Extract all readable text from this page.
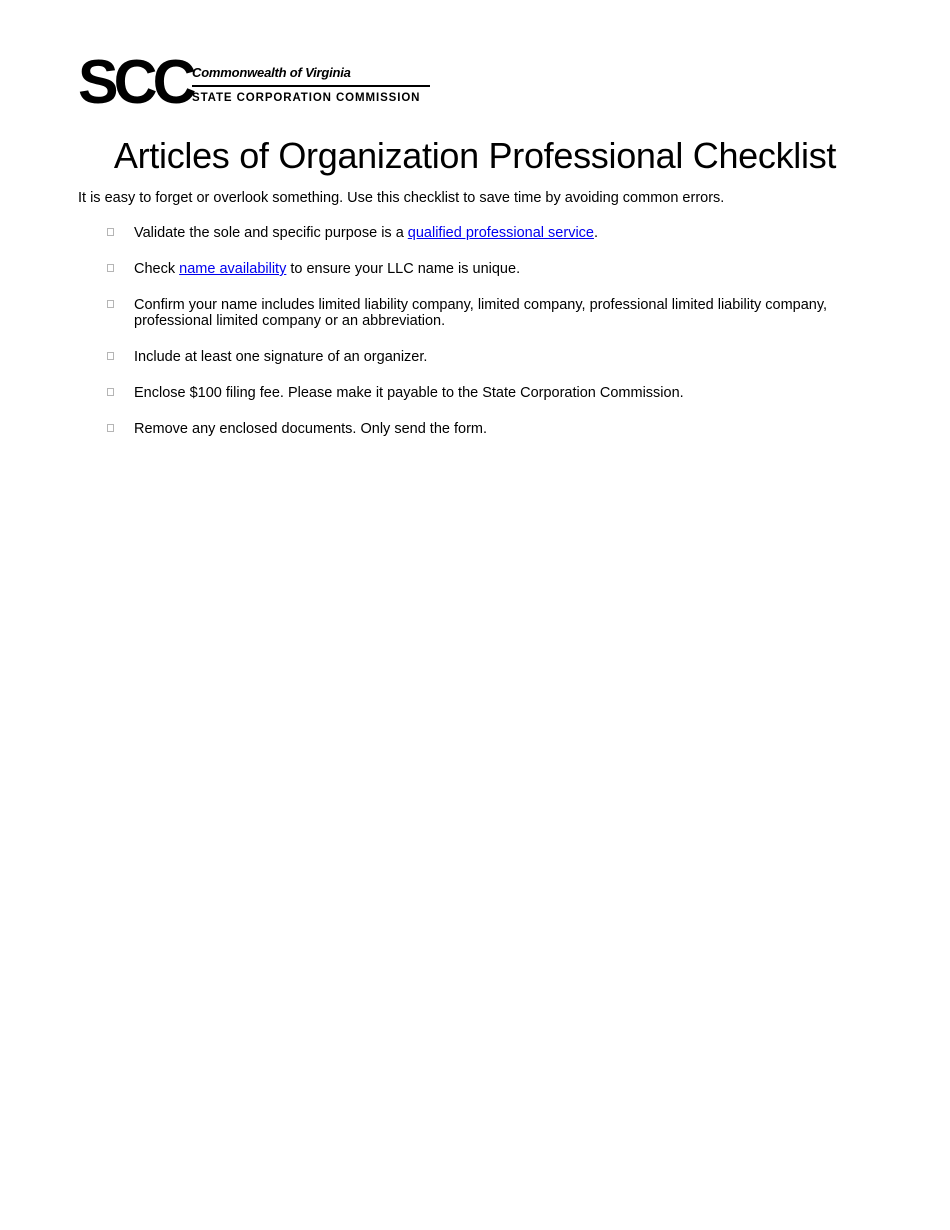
SCC Commonwealth of Virginia
STATE CORPORATION COMMISSION
Articles of Organization Professional Checklist

It is easy to forget or overlook something. Use this checklist to save time by avoiding common errors.

Validate the sole and specific purpose is a qualified professional service.
Check name availability to ensure your LLC name is unique.
Confirm your name includes limited liability company, limited company, professional limited liability company, professional limited company or an abbreviation.
Include at least one signature of an organizer.
Enclose $100 filing fee. Please make it payable to the State Corporation Commission.
Remove any enclosed documents. Only send the form.
